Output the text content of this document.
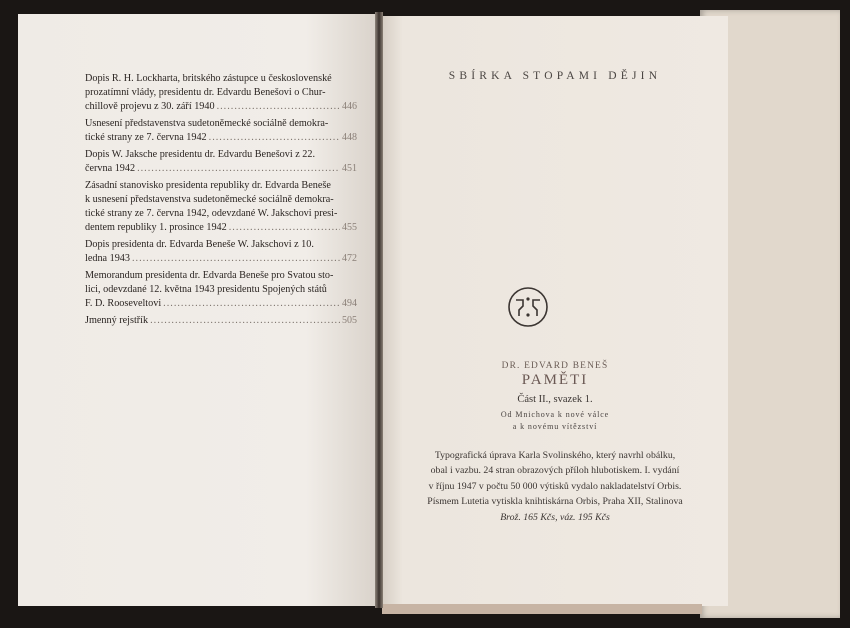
Dopis R. H. Lockharta, britského zástupce u československé
prozatímní vlády, presidentu dr. Edvardu Benešovi o Chur-
chillově projevu z 30. září 1940 .....	446
Usnesení představenstva sudetoněmecké sociálně demokra-
tické strany ze 7. června 1942 .....	448
Dopis W. Jaksche presidentu dr. Edvardu Benešovi z 22.
června 1942 .....	451
Zásadní stanovisko presidenta republiky dr. Edvarda Beneše
k usnesení představenstva sudetoněmecké sociálně demokra-
tické strany ze 7. června 1942, odevzdané W. Jakschovi presi-
dentem republiky 1. prosince 1942 .....	455
Dopis presidenta dr. Edvarda Beneše W. Jakschovi z 10.
ledna 1943 .....	472
Memorandum presidenta dr. Edvarda Beneše pro Svatou sto-
lici, odevzdané 12. května 1943 presidentu Spojených států
F. D. Rooseveltovi .....	494
Jmenný rejstřík .....	505
SBÍRKA STOPAMI DĚJIN
DR. EDVARD BENEŠ
PAMĚTI
Část II., svazek 1.
Od Mnichova k nové válce
a k novému vítězství
Typografická úprava Karla Svolinského, který navrhl obálku,
obal i vazbu. 24 stran obrazových příloh hlubotiskem. I. vydání
v říjnu 1947 v počtu 50 000 výtisků vydalo nakladatelství Orbis.
Písmem Lutetia vytiskla knihtiskárna Orbis, Praha XII, Stalinova
Brož. 165 Kčs, váz. 195 Kčs
